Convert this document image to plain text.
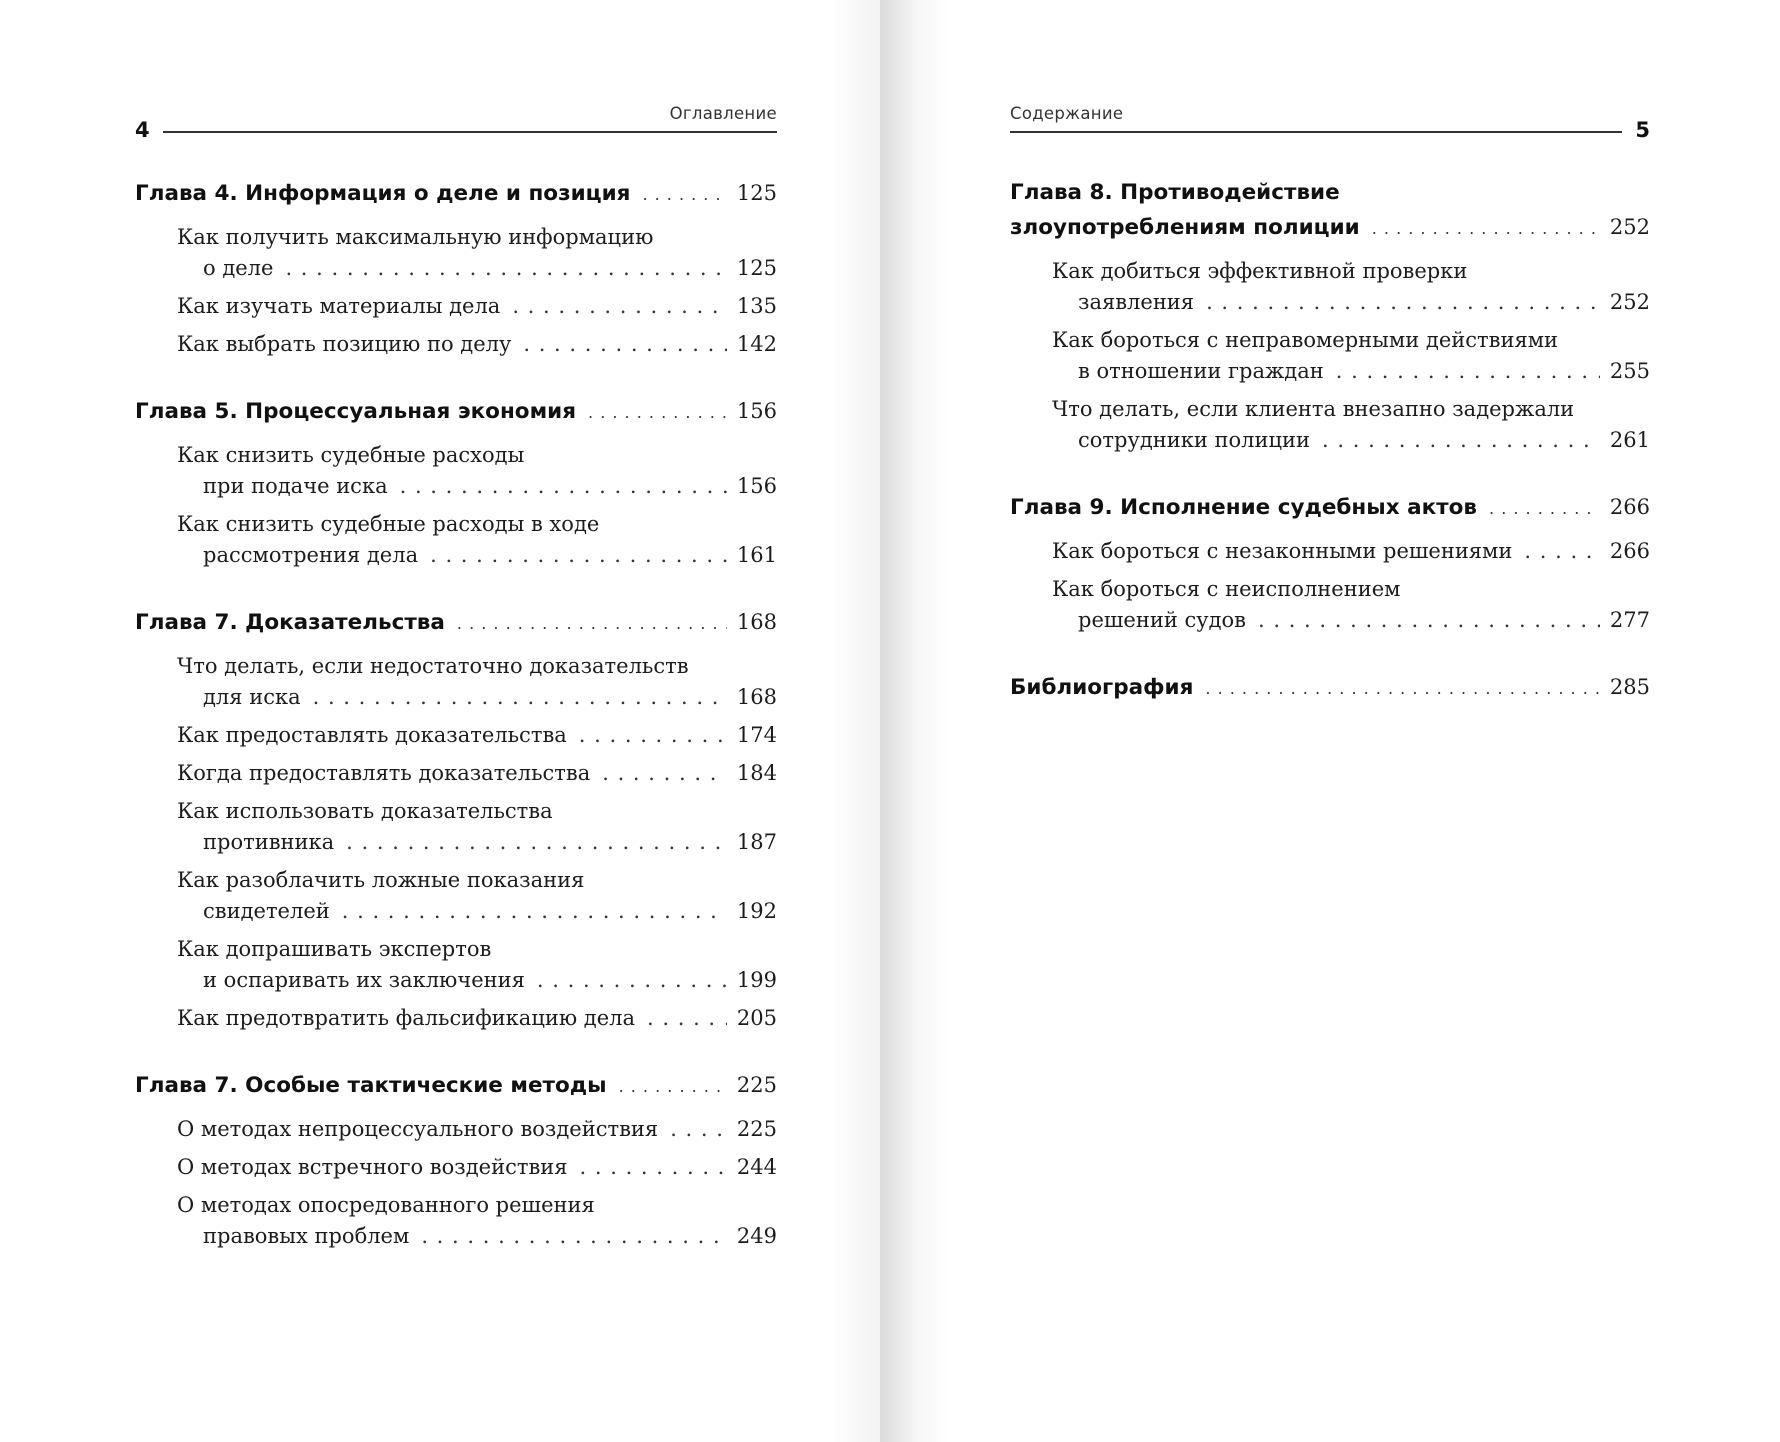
4
Оглавление	Содержание
5
Глава 4. Информация о деле и позиция . . .	125
Как получить максимальную информацию
о деле . . .	125
Как изучать материалы дела . . .	135
Как выбрать позицию по делу . . .	142
Глава 5. Процессуальная экономия . . .	156
Как снизить судебные расходы
при подаче иска . . .	156
Как снизить судебные расходы в ходе
рассмотрения дела . . .	161
Глава 7. Доказательства . . .	168
Что делать, если недостаточно доказательств
для иска . . .	168
Как предоставлять доказательства . . .	174
Когда предоставлять доказательства . . .	184
Как использовать доказательства
противника . . .	187
Как разоблачить ложные показания
свидетелей . . .	192
Как допрашивать экспертов
и оспаривать их заключения . . .	199
Как предотвратить фальсификацию дела . . .	205
Глава 7. Особые тактические методы . . .	225
О методах непроцессуального воздействия . . .	225
О методах встречного воздействия . . .	244
О методах опосредованного решения
правовых проблем . . .	249
Глава 8. Противодействие
злоупотреблениям полиции . . .	252
Как добиться эффективной проверки
заявления . . .	252
Как бороться с неправомерными действиями
в отношении граждан . . .	255
Что делать, если клиента внезапно задержали
сотрудники полиции . . .	261
Глава 9. Исполнение судебных актов . . .	266
Как бороться с незаконными решениями . . .	266
Как бороться с неисполнением
решений судов . . .	277
Библиография . . .	285
